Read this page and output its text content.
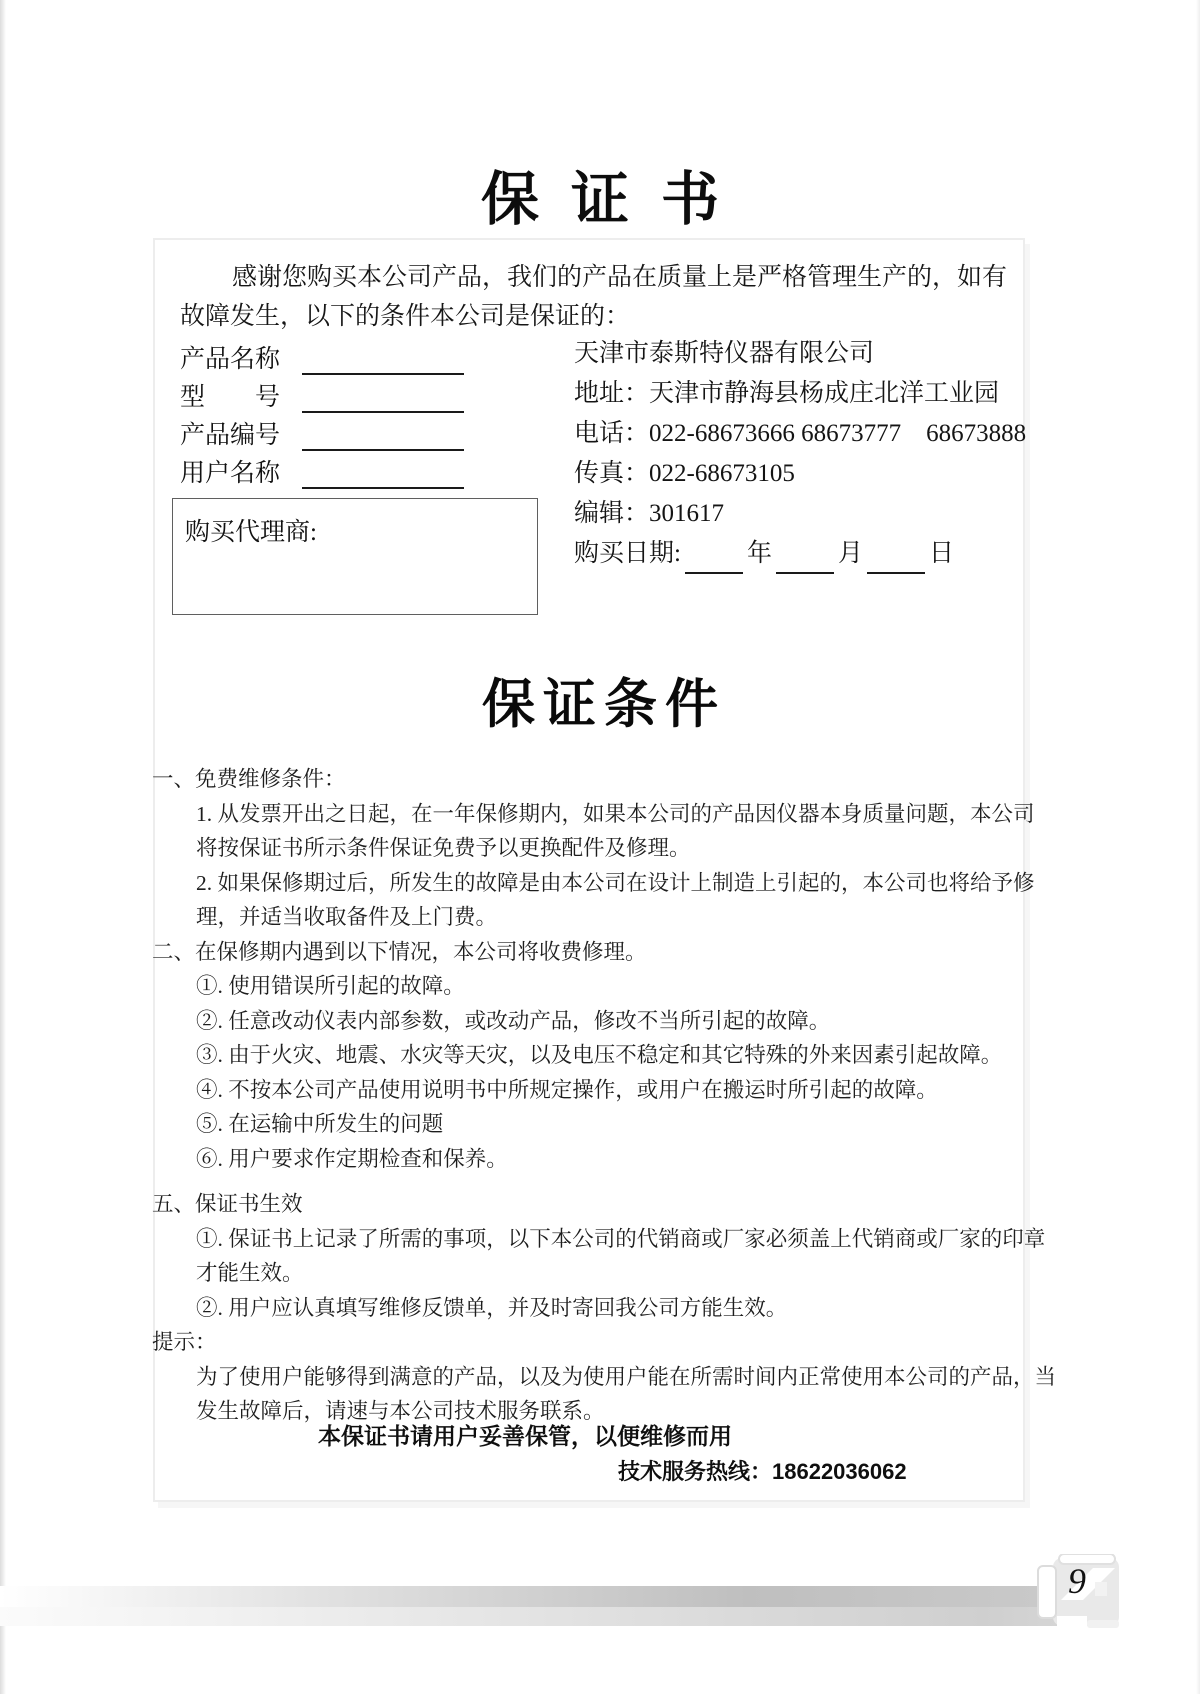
保证书
感谢您购买本公司产品，我们的产品在质量上是严格管理生产的，如有
故障发生，以下的条件本公司是保证的：
产品名称
型　　号
产品编号
用户名称
购买代理商:
天津市泰斯特仪器有限公司
地址：天津市静海县杨成庄北洋工业园
电话：022-68673666 68673777　68673888
传真：022-68673105
编辑：301617
购买日期:	年	月	日
保证条件
一、免费维修条件：
1. 从发票开出之日起，在一年保修期内，如果本公司的产品因仪器本身质量问题，本公司
将按保证书所示条件保证免费予以更换配件及修理。
2. 如果保修期过后，所发生的故障是由本公司在设计上制造上引起的，本公司也将给予修
理，并适当收取备件及上门费。
二、在保修期内遇到以下情况，本公司将收费修理。
①. 使用错误所引起的故障。
②. 任意改动仪表内部参数，或改动产品，修改不当所引起的故障。
③. 由于火灾、地震、水灾等天灾，以及电压不稳定和其它特殊的外来因素引起故障。
④. 不按本公司产品使用说明书中所规定操作，或用户在搬运时所引起的故障。
⑤. 在运输中所发生的问题
⑥. 用户要求作定期检查和保养。
五、保证书生效
①. 保证书上记录了所需的事项，以下本公司的代销商或厂家必须盖上代销商或厂家的印章
才能生效。
②. 用户应认真填写维修反馈单，并及时寄回我公司方能生效。
提示：
为了使用户能够得到满意的产品，以及为使用户能在所需时间内正常使用本公司的产品，当
发生故障后，请速与本公司技术服务联系。
本保证书请用户妥善保管，以便维修而用
技术服务热线：18622036062
9
